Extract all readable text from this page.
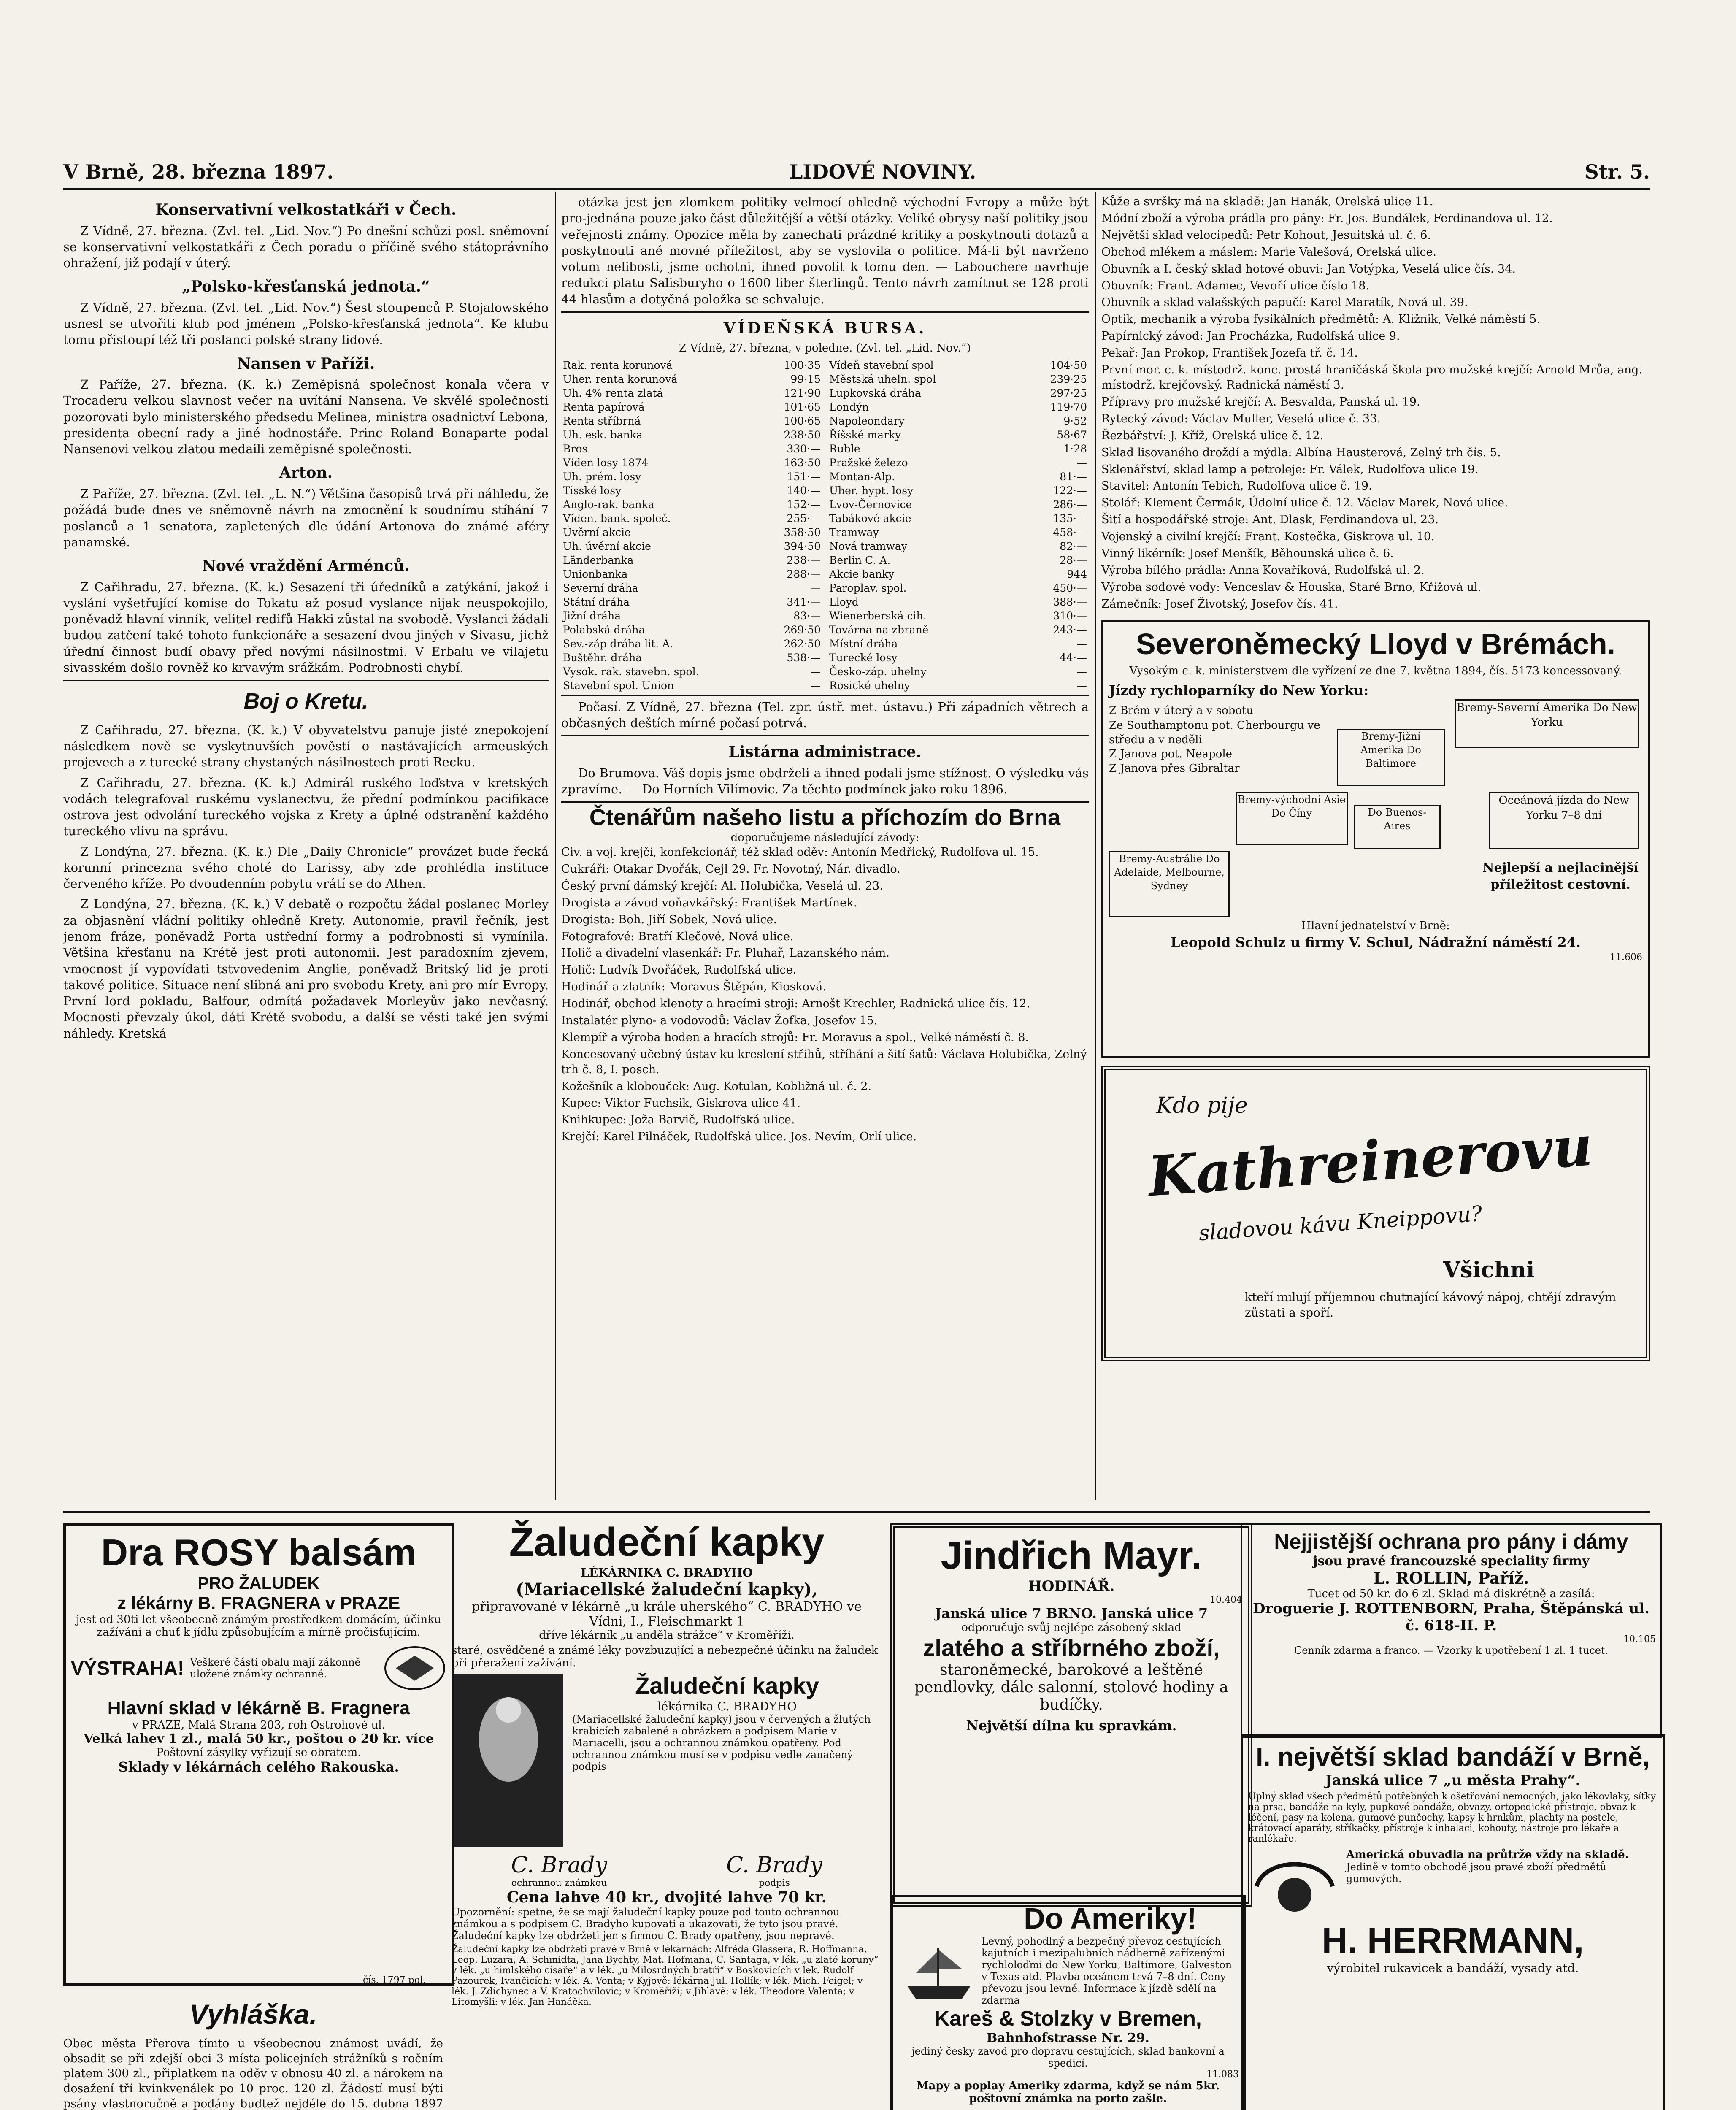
V Brně, 28. března 1897.	LIDOVÉ NOVINY.	Str. 5.
Konservativní velkostatkáři v Čech.

Z Vídně, 27. března. (Zvl. tel. „Lid. Nov.“) Po dnešní schůzi posl. sněmovní se konservativní velkostatkáři z Čech poradu o příčině svého státoprávního ohražení, již podají v úterý.

„Polsko-křesťanská jednota.“

Z Vídně, 27. března. (Zvl. tel. „Lid. Nov.“) Šest stoupenců P. Stojalowského usnesl se utvořiti klub pod jménem „Polsko-křesťanská jednota“. Ke klubu tomu přistoupí též tři poslanci polské strany lidové.

Nansen v Paříži.

Z Paříže, 27. března. (K. k.) Zeměpisná společnost konala včera v Trocaderu velkou slavnost večer na uvítání Nansena. Ve skvělé společnosti pozorovati bylo ministerského předsedu Melinea, ministra osadnictví Lebona, presidenta obecní rady a jiné hodnostáře. Princ Roland Bonaparte podal Nansenovi velkou zlatou medaili zeměpisné společnosti.

Arton.

Z Paříže, 27. března. (Zvl. tel. „L. N.“) Většina časopisů trvá při náhledu, že požádá bude dnes ve sněmovně návrh na zmocnění k soudnímu stíhání 7 poslanců a 1 senatora, zapletených dle údání Artonova do známé aféry panamské.

Nové vraždění Arménců.

Z Cařihradu, 27. března. (K. k.) Sesazení tři úředníků a zatýkání, jakož i vyslání vyšetřující komise do Tokatu až posud vyslance nijak neuspokojilo, poněvadž hlavní vinník, velitel redifů Hakki zůstal na svobodě. Vyslanci žádali budou zatčení také tohoto funkcionáře a sesazení dvou jiných v Sivasu, jichž úřední činnost budí obavy před novými násilnostmi. V Erbalu ve vilajetu sivasském došlo rovněž ko krvavým srážkám. Podrobnosti chybí.

Boj o Kretu.

Z Cařihradu, 27. března. (K. k.) V obyvatelstvu panuje jisté znepokojení následkem nově se vyskytnuvších pověstí o nastávajících armeuských projevech a z turecké strany chystaných násilnostech proti Recku.

Z Cařihradu, 27. března. (K. k.) Admirál ruského loďstva v kretských vodách telegrafoval ruskému vyslanectvu, že přední podmínkou pacifikace ostrova jest odvolání tureckého vojska z Krety a úplné odstranění každého tureckého vlivu na správu.

Z Londýna, 27. března. (K. k.) Dle „Daily Chronicle“ provázet bude řecká korunní princezna svého choté do Larissy, aby zde prohlédla instituce červeného kříže. Po dvoudenním pobytu vrátí se do Athen.

Z Londýna, 27. března. (K. k.) V debatě o rozpočtu žádal poslanec Morley za objasnění vládní politiky ohledně Krety. Autonomie, pravil řečník, jest jenom fráze, poněvadž Porta ustřední formy a podrobnosti si vymínila. Většina křesťanu na Krétě jest proti autonomii. Jest paradoxním zjevem, vmocnost jí vypovídati tstvovedenim Anglie, poněvadž Britský lid je proti takové politice. Situace není slibná ani pro svobodu Krety, ani pro mír Evropy. První lord pokladu, Balfour, odmítá požadavek Morleyův jako nevčasný. Mocnosti převzaly úkol, dáti Krétě svobodu, a další se věsti také jen svými náhledy. Kretská

otázka jest jen zlomkem politiky velmocí ohledně východní Evropy a může být pro-jednána pouze jako část důležitější a větší otázky. Veliké obrysy naší politiky jsou veřejnosti známy. Opozice měla by zanechati prázdné kritiky a poskytnouti dotazů a poskytnouti ané movné příležitost, aby se vyslovila o politice. Má-li být navrženo votum nelibosti, jsme ochotni, ihned povolit k tomu den. — Labouchere navrhuje redukci platu Salisburyho o 1600 liber šterlingů. Tento návrh zamítnut se 128 proti 44 hlasům a dotyčná položka se schvaluje.

VÍDEŇSKÁ BURSA.
Z Vídně, 27. března, v poledne. (Zvl. tel. „Lid. Nov.“)
Rak. renta korunová	100·35
Uher. renta korunová	99·15
Uh. 4% renta zlatá	121·90
Renta papírová	101·65
Renta stříbrná	100·65
Uh. esk. banka	238·50
Bros	330·—
Víden losy 1874	163·50
Uh. prém. losy	151·—
Tisské losy	140·—
Anglo-rak. banka	152·—
Víden. bank. společ.	255·—
Úvěrní akcie	358·50
Uh. úvěrní akcie	394·50
Länderbanka	238·—
Unionbanka	288·—
Severní dráha	—
Státní dráha	341·—
Jižní dráha	83·—
Polabská dráha	269·50
Sev.-záp dráha lit. A.	262·50
Buštěhr. dráha	538·—
Vysok. rak. stavebn. spol.	—
Stavební spol. Union	—
Vídeň stavební spol	104·50
Městská uheln. spol	239·25
Lupkovská dráha	297·25
Londýn	119·70
Napoleondary	9·52
Říšské marky	58·67
Ruble	1·28
Pražské železo	—
Montan-Alp.	81·—
Uher. hypt. losy	122·—
Lvov-Černovice	286·—
Tabákové akcie	135·—
Tramway	458·—
Nová tramway	82·—
Berlin C. A.	28·—
Akcie banky	944
Paroplav. spol.	450·—
Lloyd	388·—
Wienerberská cih.	310·—
Továrna na zbraně	243·—
Místní dráha	—
Turecké losy	44·—
Česko-záp. uhelny	—
Rosické uhelny	—

Počasí. Z Vídně, 27. března (Tel. zpr. ústř. met. ústavu.) Při západních větrech a občasných deštích mírné počasí potrvá.

Listárna administrace.

Do Brumova. Váš dopis jsme obdrželi a ihned podali jsme stížnost. O výsledku vás zpravíme. — Do Horních Vilímovic. Za těchto podmínek jako roku 1896.

Čtenářům našeho listu a příchozím do Brna
doporučujeme následující závody:
Civ. a voj. krejčí, konfekcionář, též sklad oděv: Antonín Medřický, Rudolfova ul. 15.
Cukráři: Otakar Dvořák, Cejl 29. Fr. Novotný, Nár. divadlo.
Český první dámský krejčí: Al. Holubička, Veselá ul. 23.
Drogista a závod voňavkářský: František Martínek.
Drogista: Boh. Jiří Sobek, Nová ulice.
Fotografové: Bratří Klečové, Nová ulice.
Holič a divadelní vlasenkář: Fr. Pluhař, Lazanského nám.
Holič: Ludvík Dvořáček, Rudolfská ulice.
Hodinář a zlatník: Moravus Štěpán, Kiosková.
Hodinář, obchod klenoty a hracími stroji: Arnošt Krechler, Radnická ulice čís. 12.
Instalatér plyno- a vodovodů: Václav Žofka, Josefov 15.
Klempíř a výroba hoden a hracích strojů: Fr. Moravus a spol., Velké náměstí č. 8.
Koncesovaný učebný ústav ku kreslení střihů, stříhání a šití šatů: Václava Holubička, Zelný trh č. 8, I. posch.
Kožešník a klobouček: Aug. Kotulan, Kobližná ul. č. 2.
Kupec: Viktor Fuchsik, Giskrova ulice 41.
Knihkupec: Joža Barvič, Rudolfská ulice.
Krejčí: Karel Pilnáček, Rudolfská ulice. Jos. Nevím, Orlí ulice.
Kůže a svršky má na skladě: Jan Hanák, Orelská ulice 11.
Módní zboží a výroba prádla pro pány: Fr. Jos. Bundálek, Ferdinandova ul. 12.
Největší sklad velocipedů: Petr Kohout, Jesuitská ul. č. 6.
Obchod mlékem a máslem: Marie Valešová, Orelská ulice.
Obuvník a I. český sklad hotové obuvi: Jan Votýpka, Veselá ulice čís. 34.
Obuvník: Frant. Adamec, Vevoří ulice číslo 18.
Obuvník a sklad valašských papučí: Karel Maratík, Nová ul. 39.
Optik, mechanik a výroba fysikálních předmětů: A. Kližnik, Velké náměstí 5.
Papírnický závod: Jan Procházka, Rudolfská ulice 9.
Pekař: Jan Prokop, František Jozefa tř. č. 14.
První mor. c. k. místodrž. konc. prostá hraničáská škola pro mužské krejčí: Arnold Mrůa, ang. místodrž. krejčovský. Radnická náměstí 3.
Přípravy pro mužské krejčí: A. Besvalda, Panská ul. 19.
Rytecký závod: Václav Muller, Veselá ulice č. 33.
Řezbářství: J. Kříž, Orelská ulice č. 12.
Sklad lisovaného droždí a mýdla: Albína Hausterová, Zelný trh čís. 5.
Sklenářství, sklad lamp a petroleje: Fr. Válek, Rudolfova ulice 19.
Stavitel: Antonín Tebich, Rudolfova ulice č. 19.
Stolář: Klement Čermák, Údolní ulice č. 12. Václav Marek, Nová ulice.
Šití a hospodářské stroje: Ant. Dlask, Ferdinandova ul. 23.
Vojenský a civilní krejčí: Frant. Kostečka, Giskrova ul. 10.
Vinný likérník: Josef Menšík, Běhounská ulice č. 6.
Výroba bílého prádla: Anna Kovaříková, Rudolfská ul. 2.
Výroba sodové vody: Venceslav & Houska, Staré Brno, Křížová ul.
Zámečník: Josef Životský, Josefov čís. 41.
Severoněmecký Lloyd v Brémách.
Vysokým c. k. ministerstvem dle vyřízení ze dne 7. května 1894, čís. 5173 koncessovaný.
Jízdy rychloparníky do New Yorku:
Z Brém v úterý a v sobotu
Ze Southamptonu pot. Cherbourgu ve středu a v neděli
Z Janova pot. Neapole
Z Janova přes Gibraltar
Bremy-Severní Amerika Do New Yorku
Bremy-Jižní Amerika Do Baltimore
Bremy-východní Asie Do Číny	Do Buenos-Aires
Oceánová jízda do New Yorku 7–8 dní
Bremy-Austrálie Do Adelaide, Melbourne, Sydney
Nejlepší a nejlacinější příležitost cestovní.
Hlavní jednatelství v Brně:
Leopold Schulz u firmy V. Schul, Nádražní náměstí 24.
11.606
Kdo pije
Kathreinerovu
sladovou kávu Kneippovu?
Všichni
kteří milují příjemnou chutnající kávový nápoj, chtějí zdravým zůstati a spoří.
Dra ROSY balsám
PRO ŽALUDEK
z lékárny B. FRAGNERA v PRAZE
jest od 30ti let všeobecně známým prostředkem domácím, účinku zažívání a chuť k jídlu způsobujícím a mírně pročisťujícím.
VÝSTRAHA! Veškeré části obalu mají zákonně uložené známky ochranné.
Hlavní sklad v lékárně B. Fragnera
v PRAZE, Malá Strana 203, roh Ostrohové ul.
Velká lahev 1 zl., malá 50 kr., poštou o 20 kr. více
Poštovní zásylky vyřizují se obratem.
Sklady v lékárnách celého Rakouska.
čís. 1797 pol.
Žaludeční kapky
LÉKÁRNIKA C. BRADYHO
(Mariacellské žaludeční kapky),
připravované v lékárně „u krále uherského“ C. BRADYHO ve Vídni, I., Fleischmarkt 1
dříve lékárník „u anděla strážce“ v Kroměříži.
staré, osvědčené a známé léky povzbuzující a nebezpečné účinku na žaludek při přeražení zažívání.
Žaludeční kapky
lékárnika C. BRADYHO
(Mariacellské žaludeční kapky) jsou v červených a žlutých krabicích zabalené a obrázkem a podpisem Marie v Mariacelli, jsou a ochrannou známkou opatřeny. Pod ochrannou známkou musí se v podpisu vedle zanačený podpis
C. Brady
ochrannou známkou
C. Brady
podpis
Cena lahve 40 kr., dvojité lahve 70 kr.
Upozornění: spetne, že se mají žaludeční kapky pouze pod touto ochrannou známkou a s podpisem C. Bradyho kupovati a ukazovati, že tyto jsou pravé. Žaludeční kapky lze obdržeti jen s firmou C. Brady opatřeny, jsou nepravé.
Žaludeční kapky lze obdržeti pravé v Brně v lékárnách: Alfréda Glassera, R. Hoffmanna, Leop. Luzara, A. Schmidta, Jana Bychty, Mat. Hofmana, C. Santaga, v lék. „u zlaté koruny“ v lék. „u himlského cisaře“ a v lék. „u Milosrdných bratří“ v Boskovicích v lék. Rudolf Pazourek, Ivančicích: v lék. A. Vonta; v Kyjově: lékárna Jul. Hollík; v lék. Mich. Feigel; v lék. J. Zdichynec a V. Kratochvílovic; v Kroměříži; v Jihlavě: v lék. Theodore Valenta; v Litomyšli: v lék. Jan Hanáčka.
Jindřich Mayr.
HODINÁŘ.
10.404
Janská ulice 7 BRNO. Janská ulice 7
odporučuje svůj nejlépe zásobený sklad
zlatého a stříbrného zboží,
staroněmecké, barokové a leštěné pendlovky, dále salonní, stolové hodiny a budíčky.
Největší dílna ku spravkám.
Do Ameriky!
Levný, pohodlný a bezpečný převoz cestujících kajutních i mezipalubních nádherně zařízenými rychloloďmi do New Yorku, Baltimore, Galveston v Texas atd. Plavba oceánem trvá 7–8 dní. Ceny převozu jsou levné. Informace k jízdě sdělí na zdarma
Kareš & Stolzky v Bremen,
Bahnhofstrasse Nr. 29.
jediný česky zavod pro dopravu cestujících, sklad bankovní a spedicí.
11.083
Mapy a poplay Ameriky zdarma, když se nám 5kr. poštovní známka na porto zašle.
Nejjistější ochrana pro pány i dámy
jsou pravé francouzské speciality firmy
L. ROLLIN, Paříž.
Tucet od 50 kr. do 6 zl. Sklad má diskrétně a zasílá:
Droguerie J. ROTTENBORN, Praha, Štěpánská ul. č. 618-II. P.
10.105
Cenník zdarma a franco. — Vzorky k upotřebení 1 zl. 1 tucet.
I. největší sklad bandáží v Brně,
Janská ulice 7 „u města Prahy“.
Úplný sklad všech předmětů potřebných k ošetřování nemocných, jako lékovlaky, síťky na prsa, bandáže na kyly, pupkové bandáže, obvazy, ortopedické přístroje, obvaz k léčení, pasy na kolena, gumové punčochy, kapsy k hrnkům, plachty na postele, krátovací aparáty, stříkačky, přístroje k inhalaci, kohouty, nástroje pro lékaře a ranlékaře.
Americká obuvadla na průtrže vždy na skladě.
Jedině v tomto obchodě jsou pravé zboží předmětů gumových.
H. HERRMANN,
výrobitel rukavicek a bandáží, vysady atd.
Vyhláška.

Obec města Přerova tímto u všeobecnou známost uvádí, že obsadit se při zdejší obci 3 místa policejních strážníků s ročním platem 300 zl., připlatkem na oděv v obnosu 40 zl. a nárokem na dosažení tří kvinkvenálek po 10 proc. 120 zl. Žádostí musí býti psány vlastnoručně a podány budtež nejdéle do 15. dubna 1897
